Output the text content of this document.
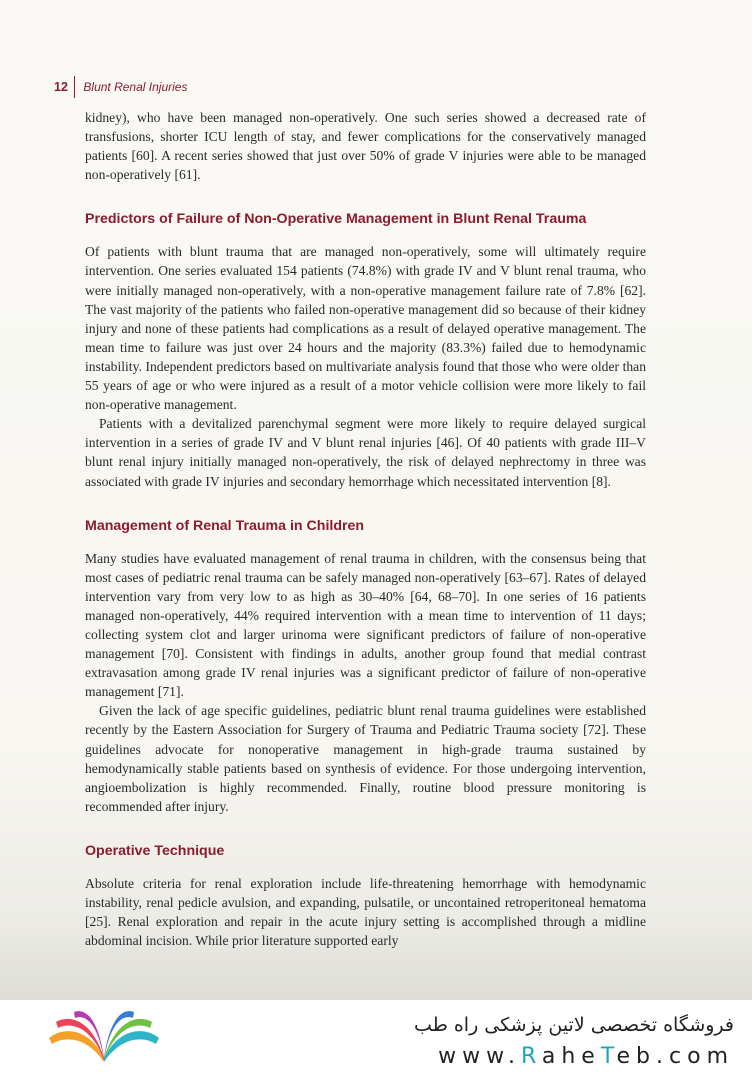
12 Blunt Renal Injuries

kidney), who have been managed non-operatively. One such series showed a decreased rate of transfusions, shorter ICU length of stay, and fewer complications for the conservatively managed patients [60]. A recent series showed that just over 50% of grade V injuries were able to be managed non-operatively [61].

Predictors of Failure of Non-Operative Management in Blunt Renal Trauma

Of patients with blunt trauma that are managed non-operatively, some will ultimately require intervention. One series evaluated 154 patients (74.8%) with grade IV and V blunt renal trauma, who were initially managed non-operatively, with a non-operative management failure rate of 7.8% [62]. The vast majority of the patients who failed non-operative management did so because of their kidney injury and none of these patients had complications as a result of delayed operative management. The mean time to failure was just over 24 hours and the majority (83.3%) failed due to hemodynamic instability. Independent predictors based on multivariate analysis found that those who were older than 55 years of age or who were injured as a result of a motor vehicle collision were more likely to fail non-operative management.

Patients with a devitalized parenchymal segment were more likely to require delayed surgical intervention in a series of grade IV and V blunt renal injuries [46]. Of 40 patients with grade III–V blunt renal injury initially managed non-operatively, the risk of delayed nephrectomy in three was associated with grade IV injuries and secondary hemorrhage which necessitated intervention [8].

Management of Renal Trauma in Children

Many studies have evaluated management of renal trauma in children, with the consensus being that most cases of pediatric renal trauma can be safely managed non-operatively [63–67]. Rates of delayed intervention vary from very low to as high as 30–40% [64, 68–70]. In one series of 16 patients managed non-operatively, 44% required intervention with a mean time to intervention of 11 days; collecting system clot and larger urinoma were significant predictors of failure of non-operative management [70]. Consistent with findings in adults, another group found that medial contrast extravasation among grade IV renal injuries was a significant predictor of failure of non-operative management [71].

Given the lack of age specific guidelines, pediatric blunt renal trauma guidelines were established recently by the Eastern Association for Surgery of Trauma and Pediatric Trauma society [72]. These guidelines advocate for nonoperative management in high-grade trauma sustained by hemodynamically stable patients based on synthesis of evidence. For those undergoing intervention, angioembolization is highly recommended. Finally, routine blood pressure monitoring is recommended after injury.

Operative Technique

Absolute criteria for renal exploration include life-threatening hemorrhage with hemodynamic instability, renal pedicle avulsion, and expanding, pulsatile, or uncontained retroperitoneal hematoma [25]. Renal exploration and repair in the acute injury setting is accomplished through a midline abdominal incision. While prior literature supported early

فروشگاه تخصصی لاتین پزشکی راه طب
www.RaheTeb.com
